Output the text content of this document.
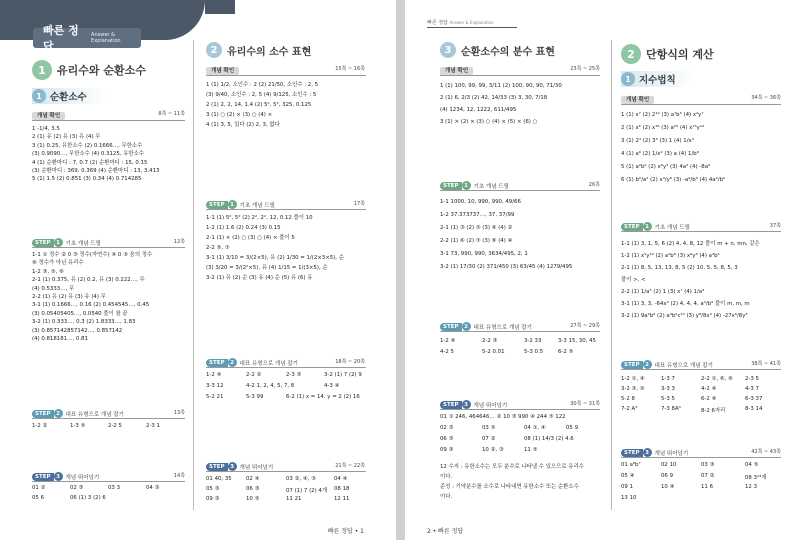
빠른 정답
Answer & Explanation
1	유리수와 순환소수
1 순환소수
개념 확인	8쪽 ~ 11쪽
1 -1/4, 3.5
2 (1) 유 (2) 유 (3) 유 (4) 무
3 (1) 0.25, 유한소수 (2) 0.1666…, 무한소수
(3) 0.9090…, 무한소수 (4) 0.3125, 유한소수
4 (1) 순환마디 : 7, 0.7̇ (2) 순환마디 : 15, 0.1̇5̇
(3) 순환마디 : 369, 0.3̇6̇9̇ (4) 순환마디 : 13, 3.41̇3̇
5 (1) 1.5̇ (2) 0.8̇5̇1̇ (3) 0.3̇4̇ (4) 0.7̇14285̇
STEP	1	기초 개념 드릴	12쪽
1-1 ① 정수 ② 0 ③ 정수(자연수) ④ 0 ⑤ 음의 정수
⑥ 정수가 아닌 유리수
1-2 ③, ⑤, ⑥
2-1 (1) 0.375, 유 (2) 0.2, 유 (3) 0.222…, 무
(4) 0.5333…, 무
2-2 (1) 유 (2) 유 (3) 유 (4) 무
3-1 (1) 0.1666…, 0.16̇ (2) 0.454545…, 0.4̇5̇
(3) 0.05405405…, 0.05̇40̇ 풀이 참 끝
3-2 (1) 0.333…, 0.3̇ (2) 1.8333…, 1.83̇
(3) 0.857142857142…, 0.8̇57142̇
(4) 0.818181…, 0.8̇1̇
STEP	2	대표 유형으로 개념 잡기	13쪽
1-2 ②	1-3 ⑤	2-2 5	2-3 1
STEP	3	개념 뛰어넘기	14쪽
01 ②	02 ③	03 3	04 ③
05 6	06 (1) 3 (2) 6
2 유리수의 소수 표현
개념 확인	15쪽 ~ 16쪽
1 (1) 1/2, 소인수 : 2 (2) 21/50, 소인수 : 2, 5
(3) 9/40, 소인수 : 2, 5 (4) 9/125, 소인수 : 5
2 (1) 2, 2, 14, 1.4 (2) 5², 5², 325, 0.125
3 (1) ○ (2) × (3) ○ (4) ×
4 (1) 3, 5, 있다 (2) 2, 3, 없다
STEP	1	기초 개념 드릴	17쪽
1-1 (1) 5², 5² (2) 2², 2², 12, 0.12 풀이 10
1-2 (1) 1.6 (2) 0.24 (3) 0.15
2-1 (1) × (2) ○ (3) ○ (4) × 풀이 5
2-2 ⑤, ⑦
3-1 (1) 3/10 = 3/(2×5), 유 (2) 1/30 = 1/(2×3×5), 순
(3) 3/20 = 3/(2²×5), 유 (4) 1/15 = 1/(3×5), 순
3-2 (1) 유 (2) 순 (3) 유 (4) 순 (5) 유 (6) 유
STEP	2	대표 유형으로 개념 잡기	18쪽 ~ 20쪽
1-2 ④	2-2 ②	2-3 ③	3-2 (1) 7 (2) 9
3-3 12	4-2 1, 2, 4, 5, 7, 8	4-3 ④
5-2 21	5-3 99	6-2 (1) x = 14, y = 2 (2) 16
STEP	3	개념 뛰어넘기	21쪽 ~ 22쪽
01 40, 35	02 ④	03 ②, ④, ⑤	04 ④
05 ③	06 ③	07 (1) 7 (2) 4개 08 18
09 ③	10 ⑤	11 21	12 11
빠른 정답 • 1
빠른 정답 Answer & Explanation
3 순환소수의 분수 표현
개념 확인	23쪽 ~ 25쪽
1 (1) 100, 99, 99, 3/11 (2) 100, 90, 90, 71/30
2 (1) 6, 2/3 (2) 42, 14/33 (3) 3, 30, 7/18
(4) 1234, 12, 1222, 611/495
3 (1) × (2) × (3) ○ (4) × (5) × (6) ○
STEP	1	기초 개념 드릴	26쪽
1-1 1000, 10, 990, 990, 49/66
1-2 37.373737…, 37, 37/99
2-1 (1) ③ (2) ⑤ (3) ⑥ (4) ②
2-2 (1) ⑥ (2) ⑦ (3) ⑥ (4) ④
3-1 73, 990, 990, 3634/495, 2, 1
3-2 (1) 17/30 (2) 371/450 (3) 63/45 (4) 1279/495
STEP	2	대표 유형으로 개념 잡기	27쪽 ~ 29쪽
1-2 ④	2-2 ③	3-2 33	3-3 15, 30, 45
4-2 5	5-2 0.0̇1̇	5-3 0.5̇	6-2 ⑤
STEP	3	개념 뛰어넘기	30쪽 ~ 31쪽
01 ① 246, 464646… ② 10 ③ 990 ④ 244 ⑤ 122
02 ③	03 ⑤	04 ①, ④	05 9
06 ③	07 ②	08 (1) 14/3 (2) 4.6̇
09 ③	10 ②, ③	11 ⑤
12 수지 : 유한소수는 모두 분수로 나타낼 수 있으므로 유리수
이다.
준성 : 기약분수를 소수로 나타내면 유한소수 또는 순환소수
이다.
2	단항식의 계산
1 지수법칙
개념 확인	34쪽 ~ 36쪽
1 (1) x⁷ (2) 2¹⁰ (3) a⁷b⁵ (4) x⁴y⁷
2 (1) x⁶ (2) x¹⁸ (3) a²⁰ (4) x¹⁵y¹⁰
3 (1) 2⁴ (2) 3⁵ (3) 1 (4) 1/x⁴
4 (1) a⁶ (2) 1/x² (3) a (4) 1/b⁶
5 (1) a²b² (2) x⁶y³ (3) 4a² (4) -8a⁶
6 (1) b²/a² (2) x⁴/y⁸ (3) -a⁹/b³ (4) 4a²/b⁶
STEP	1	기초 개념 드릴	37쪽
1-1 (1) 3, 1, 5, 6 (2) 4, 4, 8, 12 풀이 m + n, mn, 같은
1-2 (1) x⁵y¹⁰ (2) a²b⁸ (3) x⁶y⁸ (4) a⁴b⁵
2-1 (1) 8, 5, 13, 13, 8, 5 (2) 10, 5, 5, 8, 5, 3
풀이 >, <
2-2 (1) 1/a³ (2) 1 (3) x⁷ (4) 1/a³
3-1 (1) 3, 3, -64x⁹ (2) 4, 4, 4, a⁴/b⁸ 풀이 m, m, m
3-2 (1) 9a²b⁶ (2) a⁹b⁵c¹⁰ (3) y⁸/8x³ (4) -27x⁶/8y³
STEP	2	대표 유형으로 개념 잡기	38쪽 ~ 41쪽
1-2 ①, ④	1-3 7	2-2 ①, ⑥, ⑥ 2-3 5
3-2 ③, ⑤	3-3 3	4-2 ④	4-3 7
5-2 8	5-3 5	6-2 ④	6-3 37
7-2 A³	7-3 8A⁴	8-2 6자리	8-3 14
STEP	3	개념 뛰어넘기	42쪽 ~ 43쪽
01 a⁸b⁷	02 10	03 ③	04 ⑤
05 ④	06 9	07 ②	08 3¹³개
09 1	10 ④	11 6	12 3
13 10
2 • 빠른 정답
